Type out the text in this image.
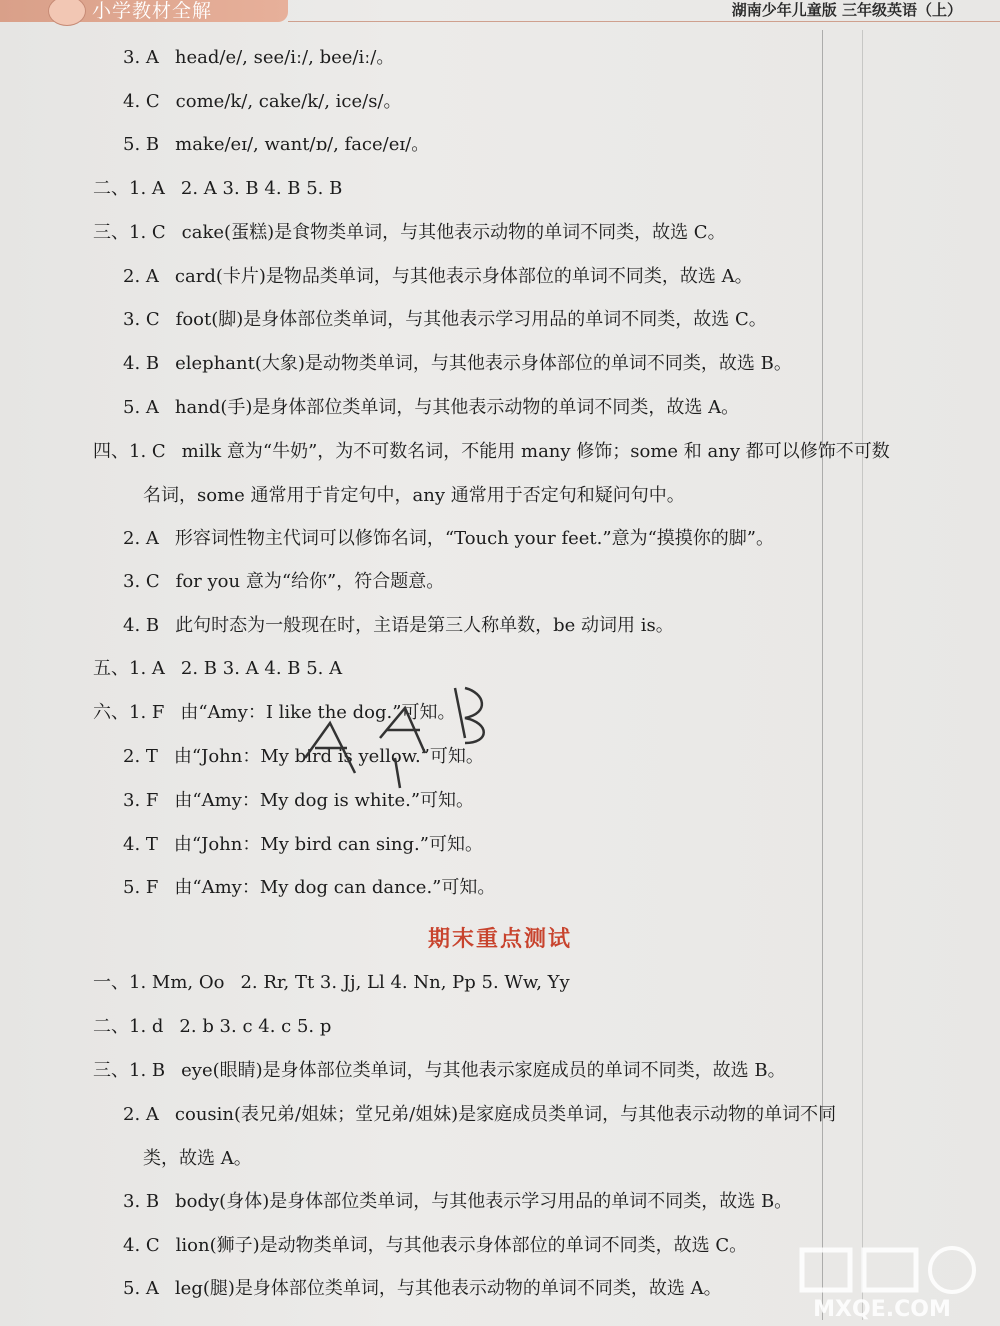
小学教材全解	湖南少年儿童版 三年级英语（上）
3. A head/e/, see/iː/, bee/iː/。
4. C come/k/, cake/k/, ice/s/。
5. B make/eɪ/, want/ɒ/, face/eɪ/。
二、1. A 2. A 3. B 4. B 5. B
三、1. C cake(蛋糕)是食物类单词，与其他表示动物的单词不同类，故选 C。
2. A card(卡片)是物品类单词，与其他表示身体部位的单词不同类，故选 A。
3. C foot(脚)是身体部位类单词，与其他表示学习用品的单词不同类，故选 C。
4. B elephant(大象)是动物类单词，与其他表示身体部位的单词不同类，故选 B。
5. A hand(手)是身体部位类单词，与其他表示动物的单词不同类，故选 A。
四、1. C milk 意为“牛奶”，为不可数名词，不能用 many 修饰；some 和 any 都可以修饰不可数
名词，some 通常用于肯定句中，any 通常用于否定句和疑问句中。
2. A 形容词性物主代词可以修饰名词，“Touch your feet.”意为“摸摸你的脚”。
3. C for you 意为“给你”，符合题意。
4. B 此句时态为一般现在时，主语是第三人称单数，be 动词用 is。
五、1. A 2. B 3. A 4. B 5. A
六、1. F 由“Amy：I like the dog.”可知。
2. T 由“John：My bird is yellow.”可知。
3. F 由“Amy：My dog is white.”可知。
4. T 由“John：My bird can sing.”可知。
5. F 由“Amy：My dog can dance.”可知。
期末重点测试
一、1. Mm, Oo 2. Rr, Tt 3. Jj, Ll 4. Nn, Pp 5. Ww, Yy
二、1. d 2. b 3. c 4. c 5. p
三、1. B eye(眼睛)是身体部位类单词，与其他表示家庭成员的单词不同类，故选 B。
2. A cousin(表兄弟/姐妹；堂兄弟/姐妹)是家庭成员类单词，与其他表示动物的单词不同
类，故选 A。
3. B body(身体)是身体部位类单词，与其他表示学习用品的单词不同类，故选 B。
4. C lion(狮子)是动物类单词，与其他表示身体部位的单词不同类，故选 C。
5. A leg(腿)是身体部位类单词，与其他表示动物的单词不同类，故选 A。
MXQE.COM
